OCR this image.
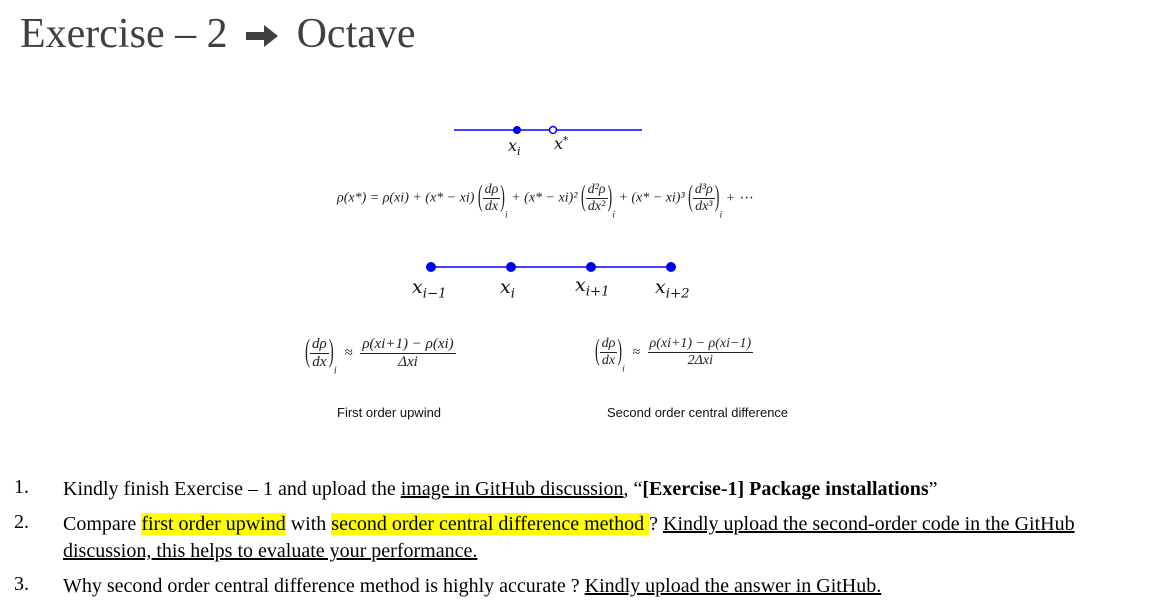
Exercise – 2 Octave
$x_i$ x*
ρ(x*) = ρ(xi) + (x* − xi) ( $\frac{d\rho}{dx} )_i + (x* - xi)^2$ ( $\frac{\text{d²ρ}}{\text{dx²}} )_i + (x* - xi)^3$ ( $\frac{\text{d³ρ}}{\text{dx³}} )_i$ + ⋯
$x_{i-1}$	$x_i$	$x_{i+1}$ $x_{i+2}$
( $\frac{d\rho}{dx} )_i \approx \frac{\rho(xi+1) - \rho(xi)}{\text{Δxi}}$
First order upwind
( $\frac{d\rho}{dx} )_i \approx \frac{\rho(xi+1) - \rho(xi-1)}{\text{2Δxi}}$
Second order central difference
1. Kindly finish Exercise – 1 and upload the image in GitHub discussion, “[Exercise-1] Package installations”
2. Compare first order upwind with second order central difference method ? Kindly upload the second-order code in the GitHub discussion, this helps to evaluate your performance.
3. Why second order central difference method is highly accurate ? Kindly upload the answer in GitHub.
